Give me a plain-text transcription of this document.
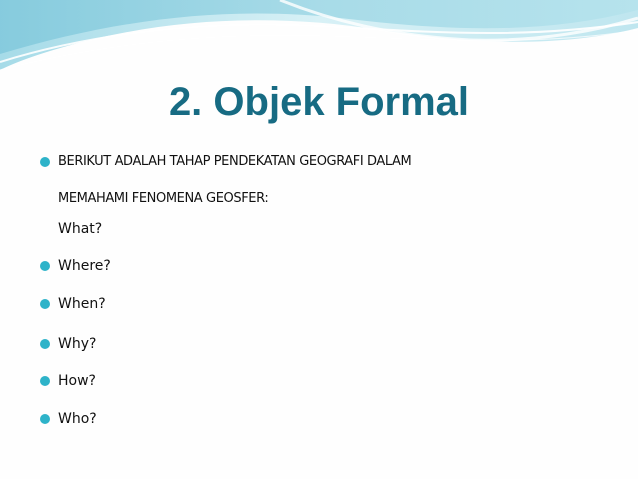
2. Objek Formal
BERIKUT ADALAH TAHAP PENDEKATAN GEOGRAFI DALAM
MEMAHAMI FENOMENA GEOSFER:
What?
Where?
When?
Why?
How?
Who?
